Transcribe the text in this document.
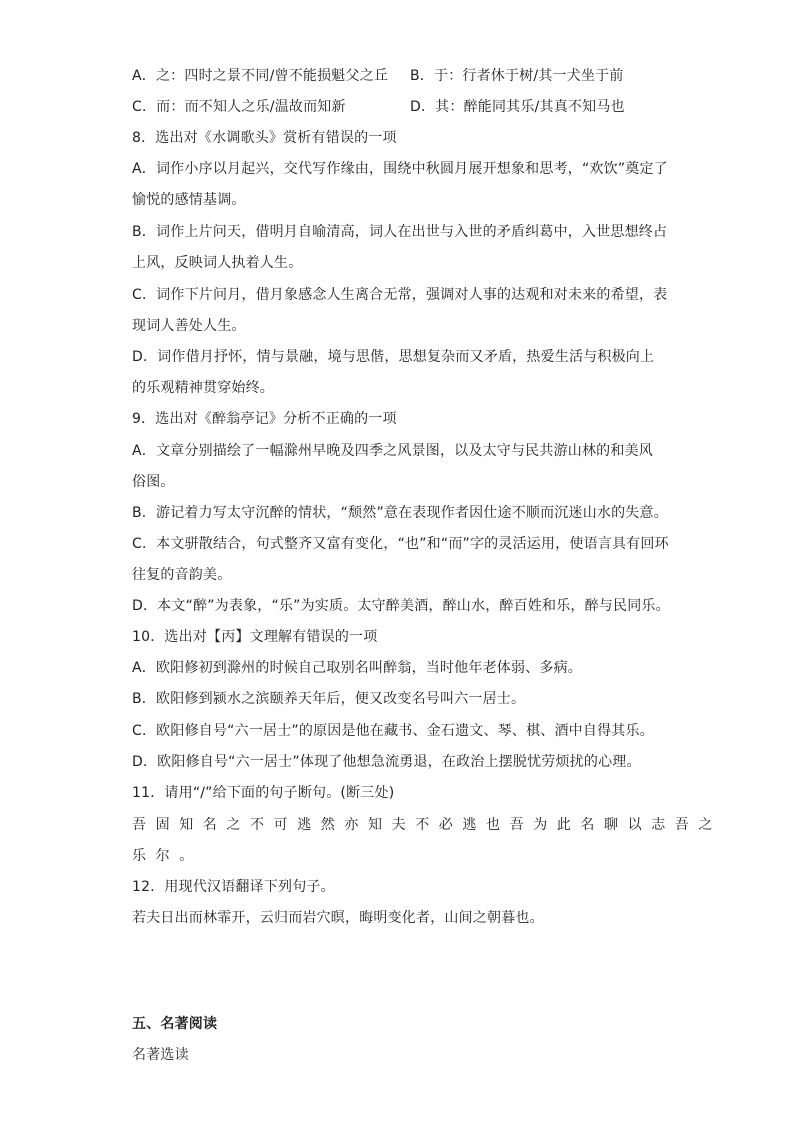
A．之：四时之景不同/曾不能损魁父之丘 B．于：行者休于树/其一犬坐于前
C．而：而不知人之乐/温故而知新	D．其：醉能同其乐/其真不知马也
8．选出对《水调歌头》赏析有错误的一项
A．词作小序以月起兴，交代写作缘由，围绕中秋圆月展开想象和思考，“欢饮”奠定了
愉悦的感情基调。
B．词作上片问天，借明月自喻清高，词人在出世与入世的矛盾纠葛中，入世思想终占
上风，反映词人执着人生。
C．词作下片问月，借月象感念人生离合无常，强调对人事的达观和对未来的希望，表
现词人善处人生。
D．词作借月抒怀，情与景融，境与思偕，思想复杂而又矛盾，热爱生活与积极向上
的乐观精神贯穿始终。
9．选出对《醉翁亭记》分析不正确的一项
A．文章分别描绘了一幅滁州早晚及四季之风景图，以及太守与民共游山林的和美风
俗图。
B．游记着力写太守沉醉的情状，“颓然”意在表现作者因仕途不顺而沉迷山水的失意。
C．本文骈散结合，句式整齐又富有变化，“也”和“而”字的灵活运用，使语言具有回环
往复的音韵美。
D．本文“醉”为表象，“乐”为实质。太守醉美酒，醉山水，醉百姓和乐，醉与民同乐。
10．选出对【丙】文理解有错误的一项
A．欧阳修初到滁州的时候自己取别名叫醉翁，当时他年老体弱、多病。
B．欧阳修到颍水之滨颐养天年后，便又改变名号叫六一居士。
C．欧阳修自号“六一居士”的原因是他在藏书、金石遗文、琴、棋、酒中自得其乐。
D．欧阳修自号“六一居士”体现了他想急流勇退，在政治上摆脱忧劳烦扰的心理。
11．请用“/”给下面的句子断句。(断三处)
吾固知名之不可逃然亦知夫不必逃也吾为此名聊以志吾之
乐尔。
12．用现代汉语翻译下列句子。
若夫日出而林霏开，云归而岩穴暝，晦明变化者，山间之朝暮也。
五、名著阅读
名著选读
